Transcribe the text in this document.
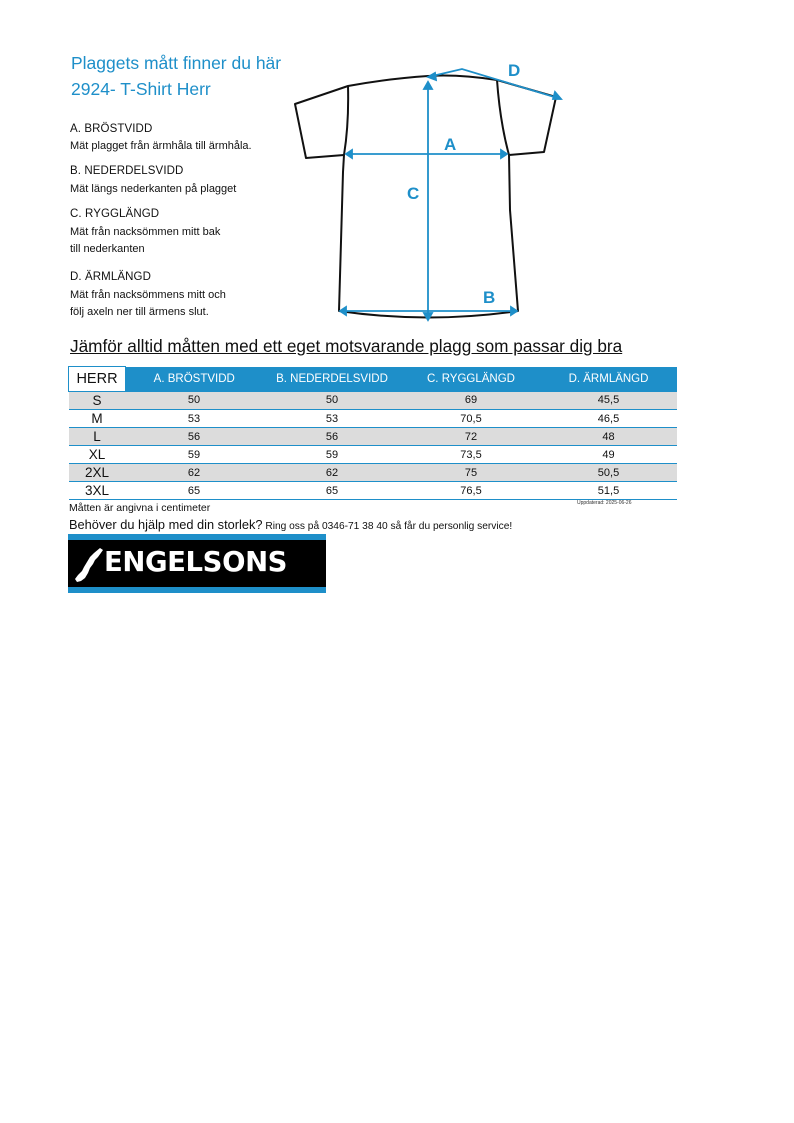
Plaggets mått finner du här
2924- T-Shirt Herr
A. BRÖSTVIDD
Mät plagget från ärmhåla till ärmhåla.
B. NEDERDELSVIDD
Mät längs nederkanten på plagget
C. RYGGLÄNGD
Mät från nacksömmen mitt bak
till nederkanten
D. ÄRMLÄNGD
Mät från nacksömmens mitt och
följ axeln ner till ärmens slut.
A
B
C
D
Jämför alltid måtten med ett eget motsvarande plagg som passar dig bra
HERR	A. BRÖSTVIDD	B. NEDERDELSVIDD	C. RYGGLÄNGD	D. ÄRMLÄNGD
S	50	50	69	45,5
M	53	53	70,5	46,5
L	56	56	72	48
XL	59	59	73,5	49
2XL	62	62	75	50,5
3XL	65	65	76,5	51,5
Uppdaterad: 2025-06-26
Måtten är angivna i centimeter
Behöver du hjälp med din storlek? Ring oss på 0346-71 38 40 så får du personlig service!
ENGELSONS
